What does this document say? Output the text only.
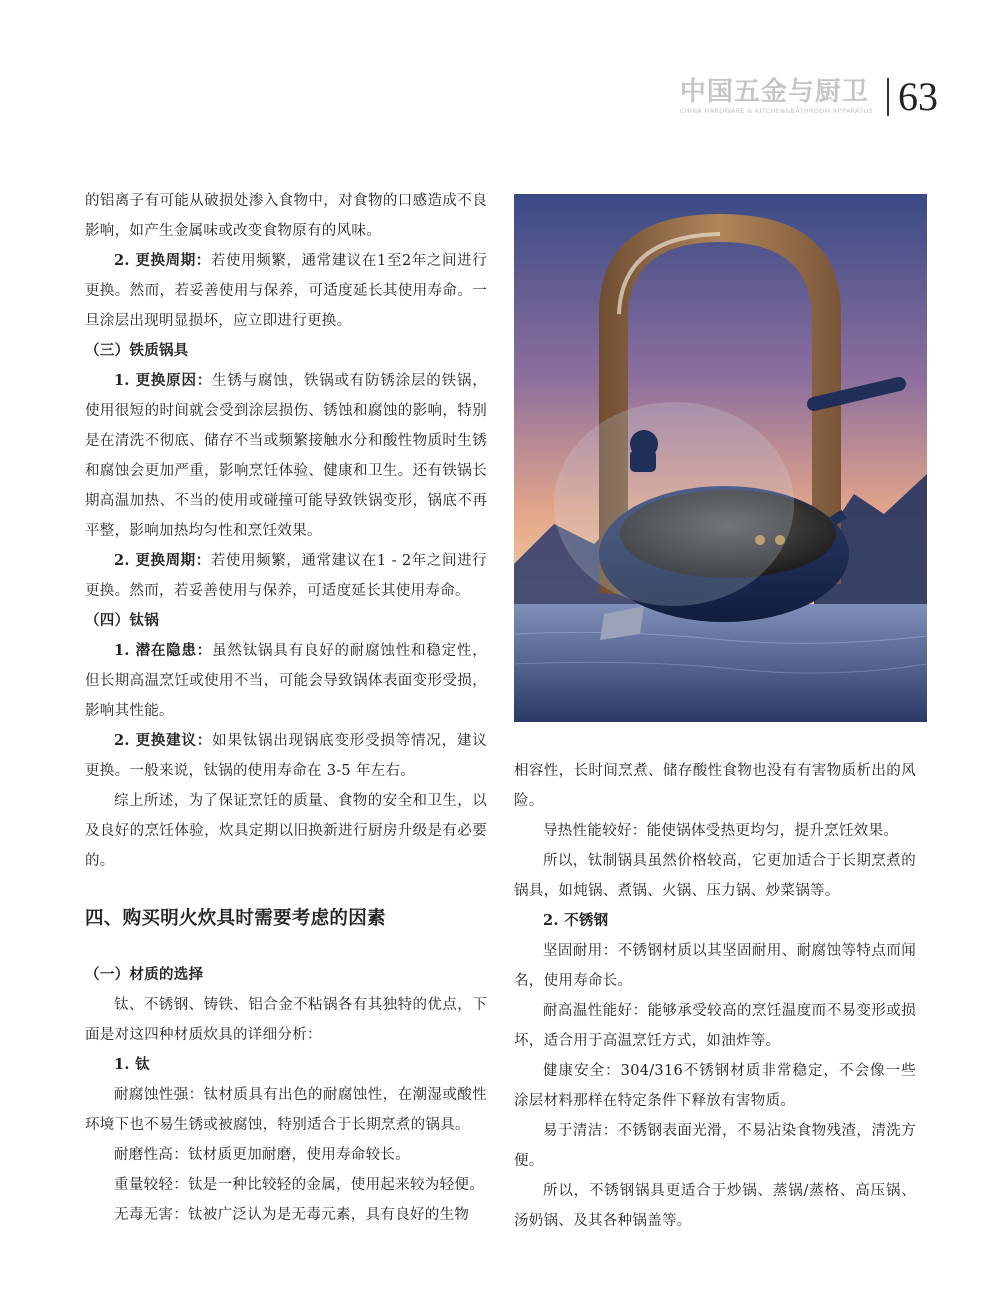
中国五金与厨卫
CHINA HARDWARE & KITCHEN&BATHROOM APPARATUS 63

的铝离子有可能从破损处渗入食物中，对食物的口感造成不良影响，如产生金属味或改变食物原有的风味。

2. 更换周期：若使用频繁，通常建议在1至2年之间进行更换。然而，若妥善使用与保养，可适度延长其使用寿命。一旦涂层出现明显损坏，应立即进行更换。

（三）铁质锅具

1. 更换原因：生锈与腐蚀，铁锅或有防锈涂层的铁锅，使用很短的时间就会受到涂层损伤、锈蚀和腐蚀的影响，特别是在清洗不彻底、储存不当或频繁接触水分和酸性物质时生锈和腐蚀会更加严重，影响烹饪体验、健康和卫生。还有铁锅长期高温加热、不当的使用或碰撞可能导致铁锅变形，锅底不再平整，影响加热均匀性和烹饪效果。

2. 更换周期：若使用频繁，通常建议在1 - 2年之间进行更换。然而，若妥善使用与保养，可适度延长其使用寿命。

（四）钛锅

1. 潜在隐患：虽然钛锅具有良好的耐腐蚀性和稳定性，但长期高温烹饪或使用不当，可能会导致锅体表面变形受损，影响其性能。

2. 更换建议：如果钛锅出现锅底变形受损等情况，建议更换。一般来说，钛锅的使用寿命在 3-5 年左右。

综上所述，为了保证烹饪的质量、食物的安全和卫生，以及良好的烹饪体验，炊具定期以旧换新进行厨房升级是有必要的。

四、购买明火炊具时需要考虑的因素

（一）材质的选择

钛、不锈钢、铸铁、铝合金不粘锅各有其独特的优点，下面是对这四种材质炊具的详细分析：

1. 钛

耐腐蚀性强：钛材质具有出色的耐腐蚀性，在潮湿或酸性环境下也不易生锈或被腐蚀，特别适合于长期烹煮的锅具。

耐磨性高：钛材质更加耐磨，使用寿命较长。

重量较轻：钛是一种比较轻的金属，使用起来较为轻便。

无毒无害：钛被广泛认为是无毒元素，具有良好的生物

相容性，长时间烹煮、储存酸性食物也没有有害物质析出的风险。

导热性能较好：能使锅体受热更均匀，提升烹饪效果。

所以，钛制锅具虽然价格较高，它更加适合于长期烹煮的锅具，如炖锅、煮锅、火锅、压力锅、炒菜锅等。

2. 不锈钢

坚固耐用：不锈钢材质以其坚固耐用、耐腐蚀等特点而闻名，使用寿命长。

耐高温性能好：能够承受较高的烹饪温度而不易变形或损坏，适合用于高温烹饪方式，如油炸等。

健康安全：304/316不锈钢材质非常稳定，不会像一些涂层材料那样在特定条件下释放有害物质。

易于清洁：不锈钢表面光滑，不易沾染食物残渣，清洗方便。

所以，不锈钢锅具更适合于炒锅、蒸锅/蒸格、高压锅、汤奶锅、及其各种锅盖等。
